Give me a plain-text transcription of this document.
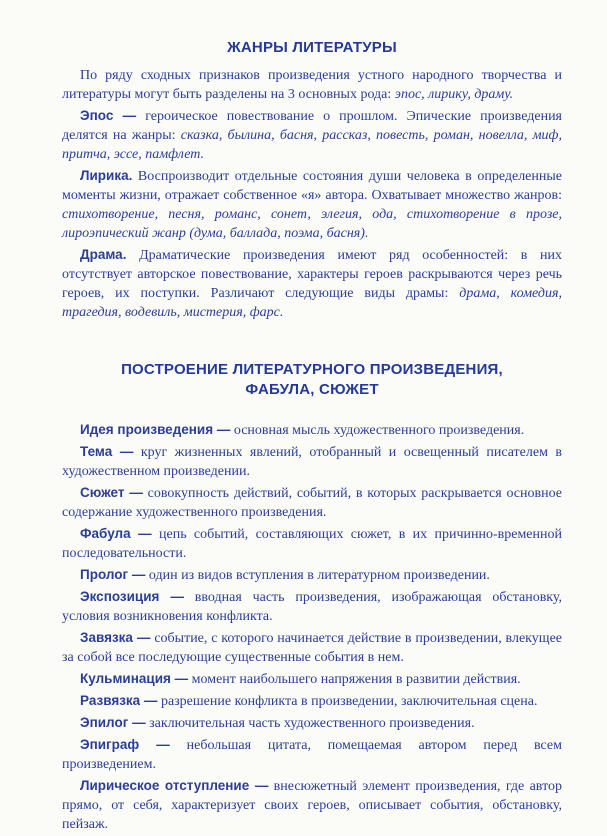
ЖАНРЫ ЛИТЕРАТУРЫ

По ряду сходных признаков произведения устного народного творчества и литературы могут быть разделены на 3 основных рода: эпос, лирику, драму.

Эпос — героическое повествование о прошлом. Эпические произведения делятся на жанры: сказка, былина, басня, рассказ, повесть, роман, новелла, миф, притча, эссе, памфлет.

Лирика. Воспроизводит отдельные состояния души человека в определенные моменты жизни, отражает собственное «я» автора. Охватывает множество жанров: стихотворение, песня, романс, сонет, элегия, ода, стихотворение в прозе, лироэпический жанр (дума, баллада, поэма, басня).

Драма. Драматические произведения имеют ряд особенностей: в них отсутствует авторское повествование, характеры героев раскрываются через речь героев, их поступки. Различают следующие виды драмы: драма, комедия, трагедия, водевиль, мистерия, фарс.

ПОСТРОЕНИЕ ЛИТЕРАТУРНОГО ПРОИЗВЕДЕНИЯ,
ФАБУЛА, СЮЖЕТ

Идея произведения — основная мысль художественного произведения.

Тема — круг жизненных явлений, отобранный и освещенный писателем в художественном произведении.

Сюжет — совокупность действий, событий, в которых раскрывается основное содержание художественного произведения.

Фабула — цепь событий, составляющих сюжет, в их причинно-временной последовательности.

Пролог — один из видов вступления в литературном произведении.

Экспозиция — вводная часть произведения, изображающая обстановку, условия возникновения конфликта.

Завязка — событие, с которого начинается действие в произведении, влекущее за собой все последующие существенные события в нем.

Кульминация — момент наибольшего напряжения в развитии действия.

Развязка — разрешение конфликта в произведении, заключительная сцена.

Эпилог — заключительная часть художественного произведения.

Эпиграф — небольшая цитата, помещаемая автором перед всем произведением.

Лирическое отступление — внесюжетный элемент произведения, где автор прямо, от себя, характеризует своих героев, описывает события, обстановку, пейзаж.
